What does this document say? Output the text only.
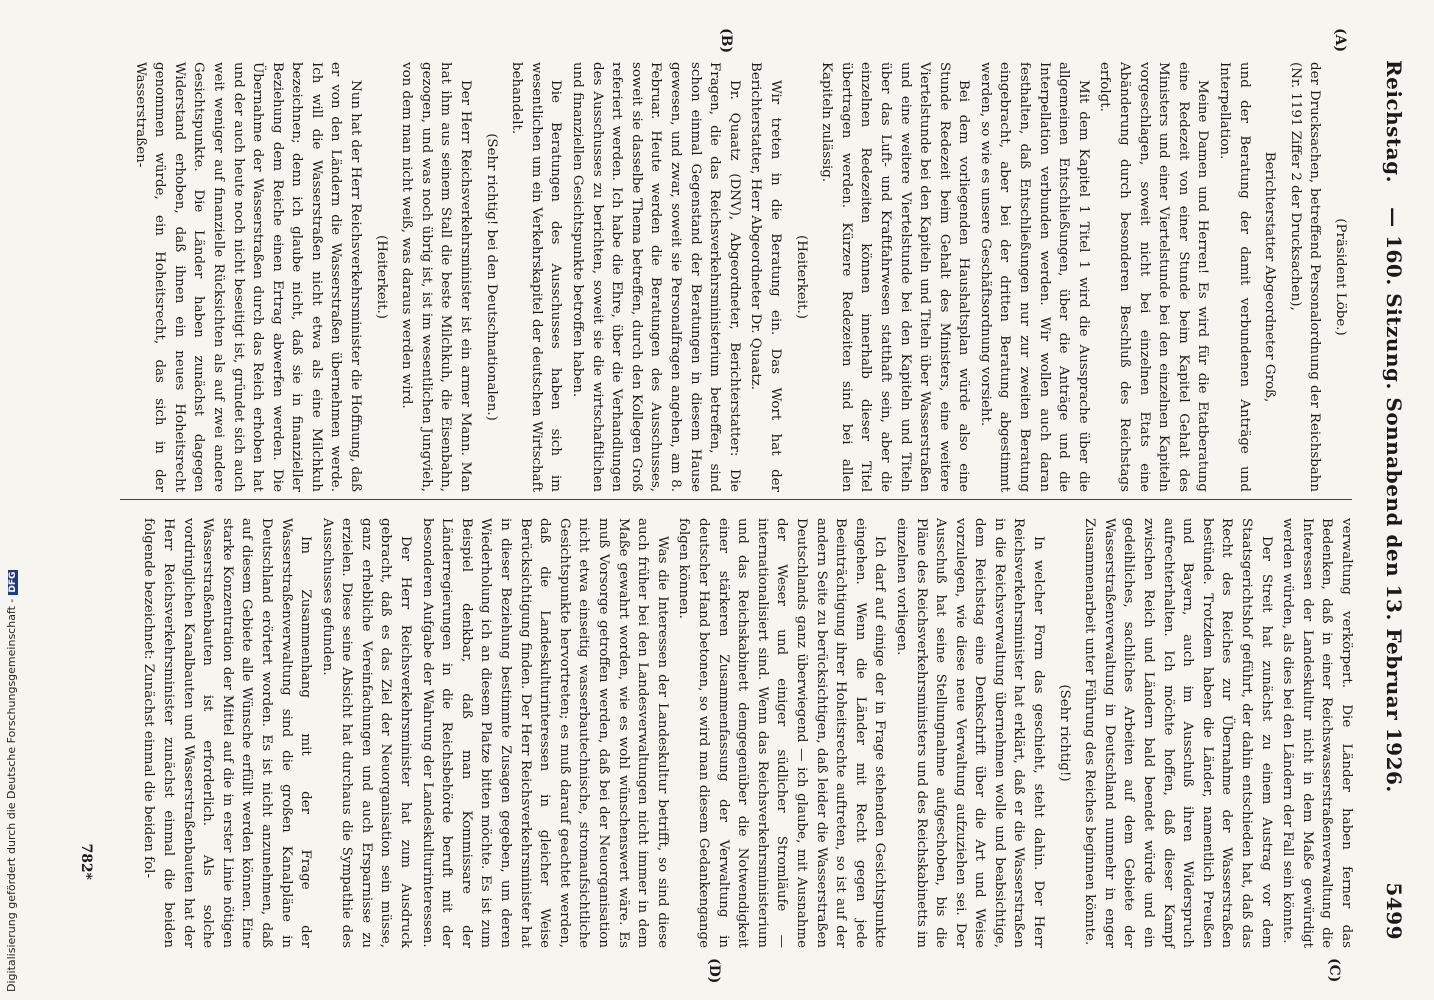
Reichstag.
— 160. Sitzung. Sonnabend den 13. Februar 1926.
5499
(A)
(B)
(C)
(D)

(Präsident Löbe.)

der Drucksachen, betreffend Personalordnung der Reichsbahn (Nr. 1191 Ziffer 2 der Drucksachen),

Berichterstatter Abgeordneter Groß,

und der Beratung der damit verbundenen Anträge und Interpellation.

Meine Damen und Herren! Es wird für die Etatberatung eine Redezeit von einer Stunde beim Kapitel Gehalt des Ministers und einer Viertelstunde bei den einzelnen Kapiteln vorgeschlagen, soweit nicht bei einzelnen Etats eine Abänderung durch besonderen Beschluß des Reichstags erfolgt.

Mit dem Kapitel 1 Titel 1 wird die Aussprache über die allgemeinen Entschließungen, über die Anträge und die Interpellation verbunden werden. Wir wollen auch daran festhalten, daß Entschließungen nur zur zweiten Beratung eingebracht, aber bei der dritten Beratung abgestimmt werden, so wie es unsere Geschäftsordnung vorsieht.

Bei dem vorliegenden Haushaltsplan würde also eine Stunde Redezeit beim Gehalt des Ministers, eine weitere Viertelstunde bei den Kapiteln und Titeln über Wasserstraßen und eine weitere Viertelstunde bei den Kapiteln und Titeln über das Luft- und Kraftfahrwesen statthaft sein, aber die einzelnen Redezeiten können innerhalb dieser Titel übertragen werden. Kürzere Redezeiten sind bei allen Kapiteln zulässig.

(Heiterkeit.)

Wir treten in die Beratung ein. Das Wort hat der Berichterstatter, Herr Abgeordneter Dr. Quaatz.

Dr. Quaatz (DNV), Abgeordneter, Berichterstatter: Die Fragen, die das Reichsverkehrsministerium betreffen, sind schon einmal Gegenstand der Beratungen in diesem Hause gewesen, und zwar, soweit sie Personalfragen angehen, am 8. Februar. Heute werden die Beratungen des Ausschusses, soweit sie dasselbe Thema betreffen, durch den Kollegen Groß referiert werden. Ich habe die Ehre, über die Verhandlungen des Ausschusses zu berichten, soweit sie die wirtschaftlichen und finanziellen Gesichtspunkte betroffen haben.

Die Beratungen des Ausschusses haben sich im wesentlichen um ein Verkehrskapitel der deutschen Wirtschaft behandelt.

(Sehr richtig! bei den Deutschnationalen.)

Der Herr Reichsverkehrsminister ist ein armer Mann. Man hat ihm aus seinem Stall die beste Milchkuh, die Eisenbahn, gezogen, und was noch übrig ist, ist im wesentlichen Jungvieh, von dem man nicht weiß, was daraus werden wird.

(Heiterkeit.)

Nun hat der Herr Reichsverkehrsminister die Hoffnung, daß er von den Ländern die Wasserstraßen übernehmen werde. Ich will die Wasserstraßen nicht etwa als eine Milchkuh bezeichnen; denn ich glaube nicht, daß sie in finanzieller Beziehung dem Reiche einen Ertrag abwerfen werden. Die Übernahme der Wasserstraßen durch das Reich erhoben hat und der auch heute noch nicht beseitigt ist, gründet sich auch weit weniger auf finanzielle Rücksichten als auf zwei andere Gesichtspunkte. Die Länder haben zunächst dagegen Widerstand erhoben, daß ihnen ein neues Hoheitsrecht genommen würde, ein Hoheitsrecht, das sich in der Wasserstraßen-

verwaltung verkörpert. Die Länder haben ferner das Bedenken, daß in einer Reichswasserstraßenverwaltung die Interessen der Landeskultur nicht in dem Maße gewürdigt werden würden, als dies bei den Ländern der Fall sein könnte.

Der Streit hat zunächst zu einem Austrag vor dem Staatsgerichtshof geführt, der dahin entschieden hat, daß das Recht des Reiches zur Übernahme der Wasserstraßen bestünde. Trotzdem haben die Länder, namentlich Preußen und Bayern, auch im Ausschuß ihren Widerspruch aufrechterhalten. Ich möchte hoffen, daß dieser Kampf zwischen Reich und Ländern bald beendet würde und ein gedeihliches, sachliches Arbeiten auf dem Gebiete der Wasserstraßenverwaltung in Deutschland nunmehr in enger Zusammenarbeit unter Führung des Reiches beginnen könnte.

(Sehr richtig!)

In welcher Form das geschieht, steht dahin. Der Herr Reichsverkehrsminister hat erklärt, daß er die Wasserstraßen in die Reichsverwaltung übernehmen wolle und beabsichtige, dem Reichstag eine Denkschrift über die Art und Weise vorzulegen, wie diese neue Verwaltung aufzuziehen sei. Der Ausschuß hat seine Stellungnahme aufgeschoben, bis die Pläne des Reichsverkehrsministers und des Reichskabinetts im einzelnen vorliegen.

Ich darf auf einige der in Frage stehenden Gesichtspunkte eingehen. Wenn die Länder mit Recht gegen jede Beeinträchtigung ihrer Hoheitsrechte auftreten, so ist auf der andern Seite zu berücksichtigen, daß leider die Wasserstraßen Deutschlands ganz überwiegend — ich glaube, mit Ausnahme der Weser und einiger südlicher Stromläufe — internationalisiert sind. Wenn das Reichsverkehrsministerium und das Reichskabinett demgegenüber die Notwendigkeit einer stärkeren Zusammenfassung der Verwaltung in deutscher Hand betonen, so wird man diesem Gedankengange folgen können.

Was die Interessen der Landeskultur betrifft, so sind diese auch früher bei den Landesverwaltungen nicht immer in dem Maße gewahrt worden, wie es wohl wünschenswert wäre. Es muß Vorsorge getroffen werden, daß bei der Neuorganisation nicht etwa einseitig wasserbautechnische, stromaufsichtliche Gesichtspunkte hervortreten; es muß darauf geachtet werden, daß die Landeskulturinteressen in gleicher Weise Berücksichtigung finden. Der Herr Reichsverkehrsminister hat in dieser Beziehung bestimmte Zusagen gegeben, um deren Wiederholung ich an diesem Platze bitten möchte. Es ist zum Beispiel denkbar, daß man Kommissare der Länderregierungen in die Reichsbehörde beruft mit der besonderen Aufgabe der Wahrung der Landeskulturinteressen.

Der Herr Reichsverkehrsminister hat zum Ausdruck gebracht, daß es das Ziel der Neuorganisation sein müsse, ganz erhebliche Vereinfachungen und auch Ersparnisse zu erzielen. Diese seine Absicht hat durchaus die Sympathie des Ausschusses gefunden.

Im Zusammenhang mit der Frage der Wasserstraßenverwaltung sind die großen Kanalpläne in Deutschland erörtert worden. Es ist nicht anzunehmen, daß auf diesem Gebiete alle Wünsche erfüllt werden können. Eine starke Konzentration der Mittel auf die in erster Linie nötigen Wasserstraßenbauten ist erforderlich. Als solche vordringlichen Kanalbauten und Wasserstraßenbauten hat der Herr Reichsverkehrsminister zunächst einmal die beiden folgende bezeichnet: Zunächst einmal die beiden fol-

782*
Digitalisierung gefördert durch die Deutsche Forschungsgemeinschaft -DFG
